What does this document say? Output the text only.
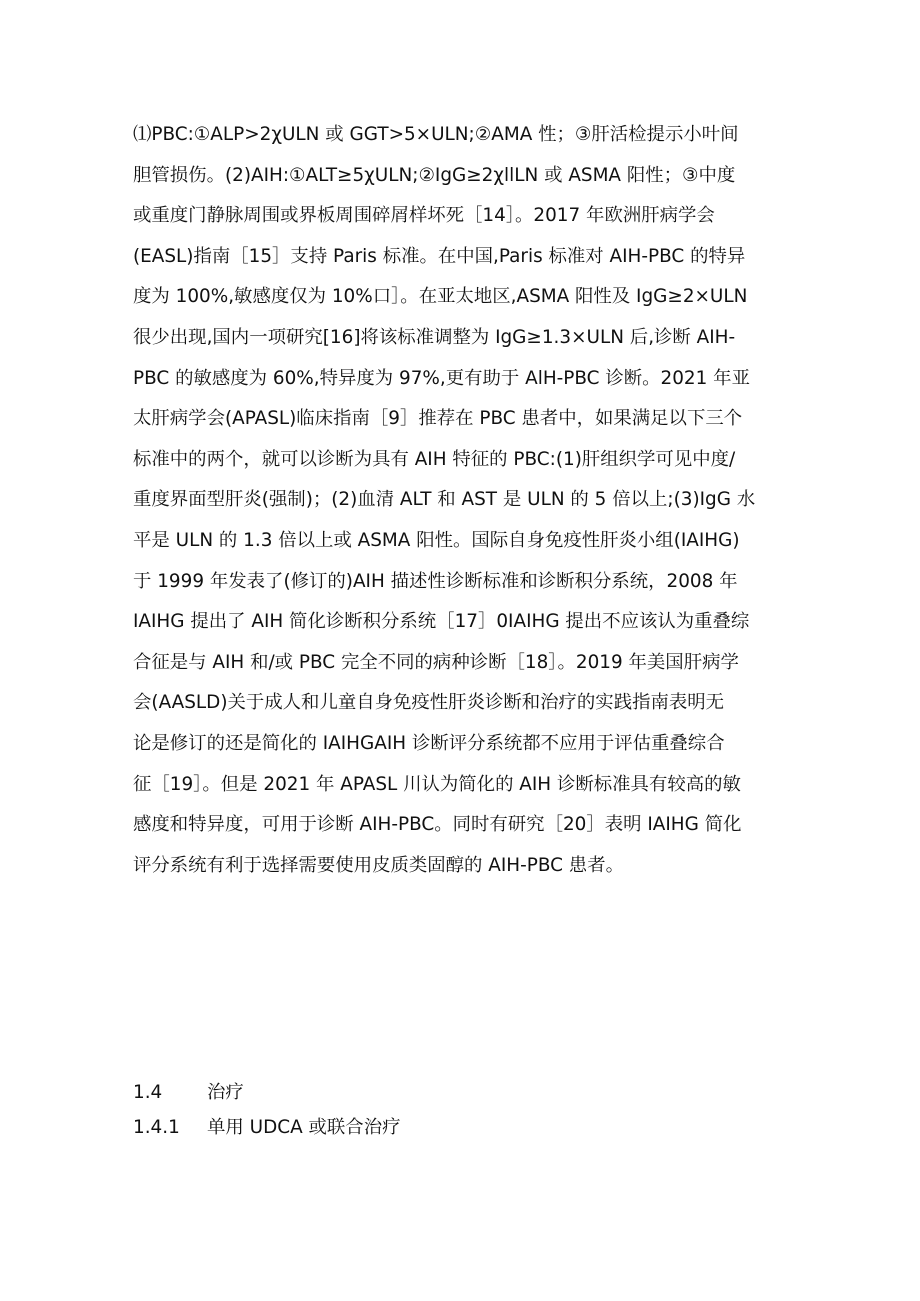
⑴PBC:①ALP>2χULN 或 GGT>5×ULN;②AMA 性；③肝活检提示小叶间
胆管损伤。(2)AIH:①ALT≥5χULN;②IgG≥2χllLN 或 ASMA 阳性；③中度
或重度门静脉周围或界板周围碎屑样坏死［14］。2017 年欧洲肝病学会
(EASL)指南［15］支持 Paris 标准。在中国,Paris 标准对 AIH-PBC 的特异
度为 100%,敏感度仅为 10%口］。在亚太地区,ASMA 阳性及 IgG≥2×ULN
很少出现,国内一项研究[16]将该标准调整为 IgG≥1.3×ULN 后,诊断 AIH-
PBC 的敏感度为 60%,特异度为 97%,更有助于 AlH-PBC 诊断。2021 年亚
太肝病学会(APASL)临床指南［9］推荐在 PBC 患者中，如果满足以下三个
标准中的两个，就可以诊断为具有 AIH 特征的 PBC:(1)肝组织学可见中度/
重度界面型肝炎(强制)；(2)血清 ALT 和 AST 是 ULN 的 5 倍以上;(3)IgG 水
平是 ULN 的 1.3 倍以上或 ASMA 阳性。国际自身免疫性肝炎小组(IAIHG)
于 1999 年发表了(修订的)AIH 描述性诊断标准和诊断积分系统，2008 年
IAIHG 提出了 AIH 简化诊断积分系统［17］0IAIHG 提出不应该认为重叠综
合征是与 AIH 和/或 PBC 完全不同的病种诊断［18］。2019 年美国肝病学
会(AASLD)关于成人和儿童自身免疫性肝炎诊断和治疗的实践指南表明无
论是修订的还是简化的 IAIHGAIH 诊断评分系统都不应用于评估重叠综合
征［19］。但是 2021 年 APASL 川认为简化的 AIH 诊断标准具有较高的敏
感度和特异度，可用于诊断 AIH-PBC。同时有研究［20］表明 IAIHG 简化
评分系统有利于选择需要使用皮质类固醇的 AIH-PBC 患者。
1.4 治疗
1.4.1 单用 UDCA 或联合治疗
